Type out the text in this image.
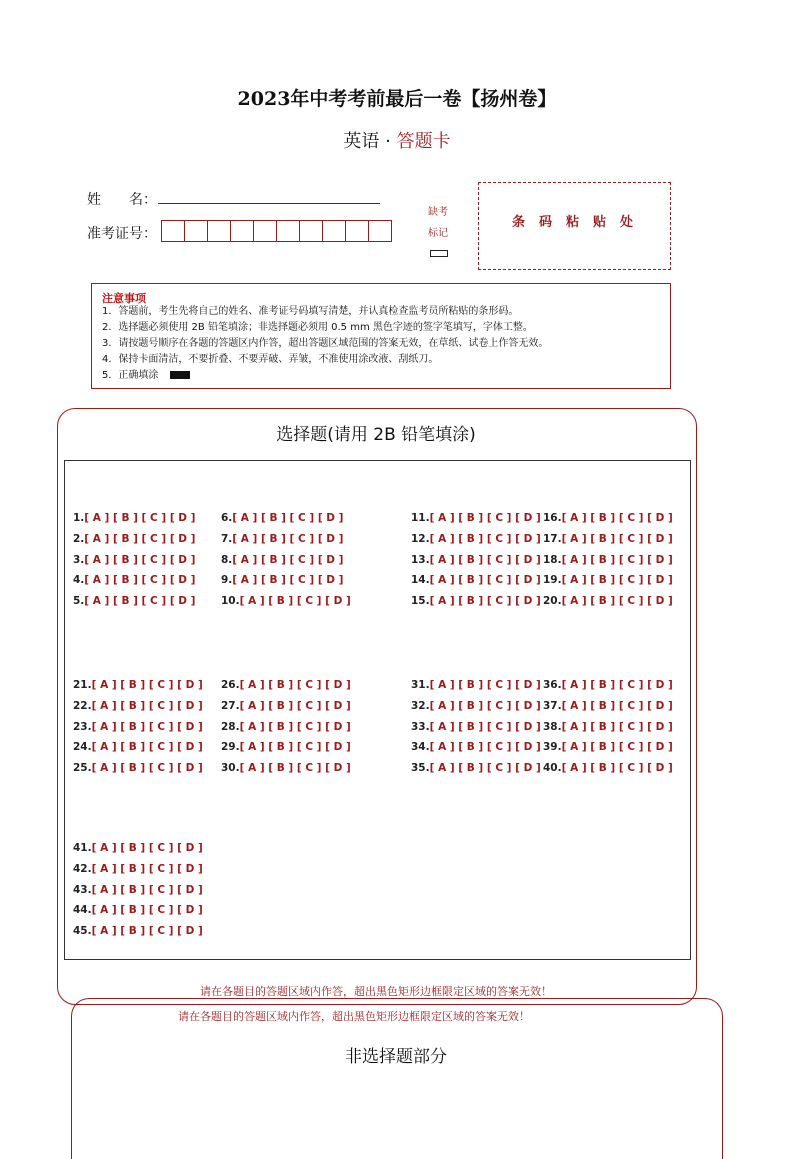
2023年中考考前最后一卷【扬州卷】
英语 · 答题卡
姓　　名：
准考证号：
缺考
标记
条码粘贴处
注意事项
1．答题前，考生先将自己的姓名、准考证号码填写清楚，并认真检查监考员所粘贴的条形码。
2．选择题必须使用 2B 铅笔填涂；非选择题必须用 0.5 mm 黑色字迹的签字笔填写，字体工整。
3．请按题号顺序在各题的答题区内作答，超出答题区域范围的答案无效，在草纸、试卷上作答无效。
4．保持卡面清洁，不要折叠、不要弄破、弄皱，不准使用涂改液、刮纸刀。
5．正确填涂
选择题(请用 2B 铅笔填涂)
1.[ A ] [ B ] [ C ] [ D ]
2.[ A ] [ B ] [ C ] [ D ]
3.[ A ] [ B ] [ C ] [ D ]
4.[ A ] [ B ] [ C ] [ D ]
5.[ A ] [ B ] [ C ] [ D ]
6.[ A ] [ B ] [ C ] [ D ]
7.[ A ] [ B ] [ C ] [ D ]
8.[ A ] [ B ] [ C ] [ D ]
9.[ A ] [ B ] [ C ] [ D ]
10.[ A ] [ B ] [ C ] [ D ]
11.[ A ] [ B ] [ C ] [ D ]
12.[ A ] [ B ] [ C ] [ D ]
13.[ A ] [ B ] [ C ] [ D ]
14.[ A ] [ B ] [ C ] [ D ]
15.[ A ] [ B ] [ C ] [ D ]
16.[ A ] [ B ] [ C ] [ D ]
17.[ A ] [ B ] [ C ] [ D ]
18.[ A ] [ B ] [ C ] [ D ]
19.[ A ] [ B ] [ C ] [ D ]
20.[ A ] [ B ] [ C ] [ D ]
21.[ A ] [ B ] [ C ] [ D ]
22.[ A ] [ B ] [ C ] [ D ]
23.[ A ] [ B ] [ C ] [ D ]
24.[ A ] [ B ] [ C ] [ D ]
25.[ A ] [ B ] [ C ] [ D ]
26.[ A ] [ B ] [ C ] [ D ]
27.[ A ] [ B ] [ C ] [ D ]
28.[ A ] [ B ] [ C ] [ D ]
29.[ A ] [ B ] [ C ] [ D ]
30.[ A ] [ B ] [ C ] [ D ]
31.[ A ] [ B ] [ C ] [ D ]
32.[ A ] [ B ] [ C ] [ D ]
33.[ A ] [ B ] [ C ] [ D ]
34.[ A ] [ B ] [ C ] [ D ]
35.[ A ] [ B ] [ C ] [ D ]
36.[ A ] [ B ] [ C ] [ D ]
37.[ A ] [ B ] [ C ] [ D ]
38.[ A ] [ B ] [ C ] [ D ]
39.[ A ] [ B ] [ C ] [ D ]
40.[ A ] [ B ] [ C ] [ D ]
41.[ A ] [ B ] [ C ] [ D ]
42.[ A ] [ B ] [ C ] [ D ]
43.[ A ] [ B ] [ C ] [ D ]
44.[ A ] [ B ] [ C ] [ D ]
45.[ A ] [ B ] [ C ] [ D ]
请在各题目的答题区域内作答，超出黑色矩形边框限定区域的答案无效！
请在各题目的答题区域内作答，超出黑色矩形边框限定区域的答案无效！
非选择题部分
